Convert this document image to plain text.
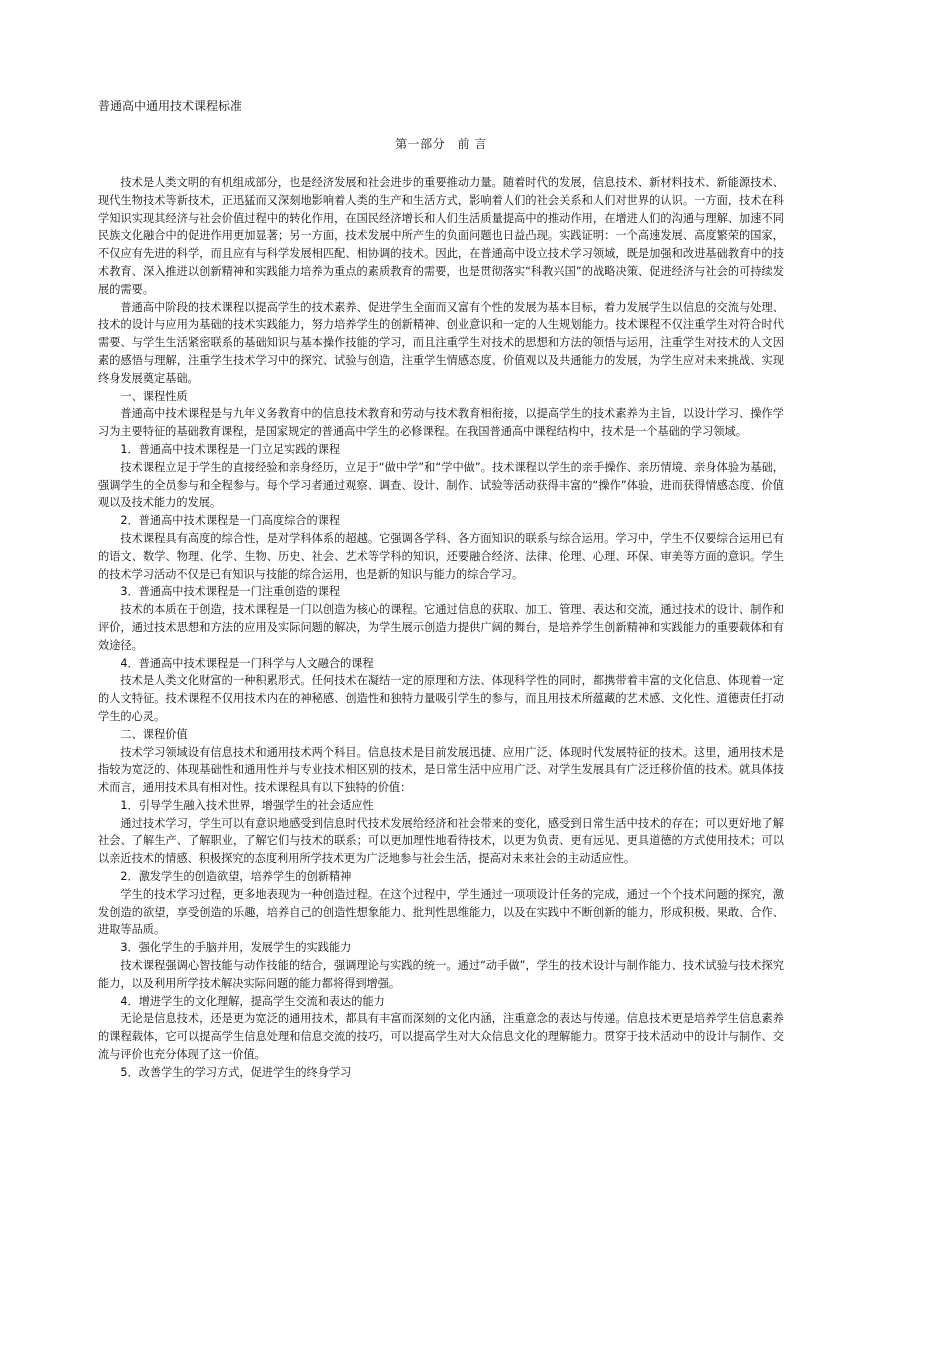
普通高中通用技术课程标准
第一部分　前 言

技术是人类文明的有机组成部分，也是经济发展和社会进步的重要推动力量。随着时代的发展，信息技术、新材料技术、新能源技术、现代生物技术等新技术，正迅猛而又深刻地影响着人类的生产和生活方式，影响着人们的社会关系和人们对世界的认识。一方面，技术在科学知识实现其经济与社会价值过程中的转化作用，在国民经济增长和人们生活质量提高中的推动作用，在增进人们的沟通与理解、加速不同民族文化融合中的促进作用更加显著；另一方面，技术发展中所产生的负面问题也日益凸现。实践证明：一个高速发展、高度繁荣的国家，不仅应有先进的科学，而且应有与科学发展相匹配、相协调的技术。因此，在普通高中设立技术学习领域，既是加强和改进基础教育中的技术教育、深入推进以创新精神和实践能力培养为重点的素质教育的需要，也是贯彻落实“科教兴国”的战略决策、促进经济与社会的可持续发展的需要。

普通高中阶段的技术课程以提高学生的技术素养、促进学生全面而又富有个性的发展为基本目标，着力发展学生以信息的交流与处理、技术的设计与应用为基础的技术实践能力，努力培养学生的创新精神、创业意识和一定的人生规划能力。技术课程不仅注重学生对符合时代需要、与学生生活紧密联系的基础知识与基本操作技能的学习，而且注重学生对技术的思想和方法的领悟与运用，注重学生对技术的人文因素的感悟与理解，注重学生技术学习中的探究、试验与创造，注重学生情感态度、价值观以及共通能力的发展，为学生应对未来挑战、实现终身发展奠定基础。

一、课程性质

普通高中技术课程是与九年义务教育中的信息技术教育和劳动与技术教育相衔接，以提高学生的技术素养为主旨，以设计学习、操作学习为主要特征的基础教育课程，是国家规定的普通高中学生的必修课程。在我国普通高中课程结构中，技术是一个基础的学习领域。

1．普通高中技术课程是一门立足实践的课程

技术课程立足于学生的直接经验和亲身经历，立足于“做中学”和“学中做”。技术课程以学生的亲手操作、亲历情境、亲身体验为基础，强调学生的全员参与和全程参与。每个学习者通过观察、调查、设计、制作、试验等活动获得丰富的“操作”体验，进而获得情感态度、价值观以及技术能力的发展。

2．普通高中技术课程是一门高度综合的课程

技术课程具有高度的综合性，是对学科体系的超越。它强调各学科、各方面知识的联系与综合运用。学习中，学生不仅要综合运用已有的语文、数学、物理、化学、生物、历史、社会、艺术等学科的知识，还要融合经济、法律、伦理、心理、环保、审美等方面的意识。学生的技术学习活动不仅是已有知识与技能的综合运用，也是新的知识与能力的综合学习。

3．普通高中技术课程是一门注重创造的课程

技术的本质在于创造，技术课程是一门以创造为核心的课程。它通过信息的获取、加工、管理、表达和交流，通过技术的设计、制作和评价，通过技术思想和方法的应用及实际问题的解决，为学生展示创造力提供广阔的舞台，是培养学生创新精神和实践能力的重要载体和有效途径。

4．普通高中技术课程是一门科学与人文融合的课程

技术是人类文化财富的一种积累形式。任何技术在凝结一定的原理和方法、体现科学性的同时，都携带着丰富的文化信息、体现着一定的人文特征。技术课程不仅用技术内在的神秘感、创造性和独特力量吸引学生的参与，而且用技术所蕴藏的艺术感、文化性、道德责任打动学生的心灵。

二、课程价值

技术学习领域设有信息技术和通用技术两个科目。信息技术是目前发展迅捷、应用广泛、体现时代发展特征的技术。这里，通用技术是指较为宽泛的、体现基础性和通用性并与专业技术相区别的技术，是日常生活中应用广泛、对学生发展具有广泛迁移价值的技术。就具体技术而言，通用技术具有相对性。技术课程具有以下独特的价值：

1．引导学生融入技术世界，增强学生的社会适应性

通过技术学习，学生可以有意识地感受到信息时代技术发展给经济和社会带来的变化，感受到日常生活中技术的存在；可以更好地了解社会、了解生产、了解职业，了解它们与技术的联系；可以更加理性地看待技术，以更为负责、更有远见、更具道德的方式使用技术；可以以亲近技术的情感、积极探究的态度利用所学技术更为广泛地参与社会生活，提高对未来社会的主动适应性。

2．激发学生的创造欲望，培养学生的创新精神

学生的技术学习过程，更多地表现为一种创造过程。在这个过程中，学生通过一项项设计任务的完成，通过一个个技术问题的探究，激发创造的欲望，享受创造的乐趣，培养自己的创造性想象能力、批判性思维能力，以及在实践中不断创新的能力，形成积极、果敢、合作、进取等品质。

3．强化学生的手脑并用，发展学生的实践能力

技术课程强调心智技能与动作技能的结合，强调理论与实践的统一。通过“动手做”，学生的技术设计与制作能力、技术试验与技术探究能力，以及利用所学技术解决实际问题的能力都将得到增强。

4．增进学生的文化理解，提高学生交流和表达的能力

无论是信息技术，还是更为宽泛的通用技术，都具有丰富而深刻的文化内涵，注重意念的表达与传递。信息技术更是培养学生信息素养的课程载体，它可以提高学生信息处理和信息交流的技巧，可以提高学生对大众信息文化的理解能力。贯穿于技术活动中的设计与制作、交流与评价也充分体现了这一价值。

5．改善学生的学习方式，促进学生的终身学习
